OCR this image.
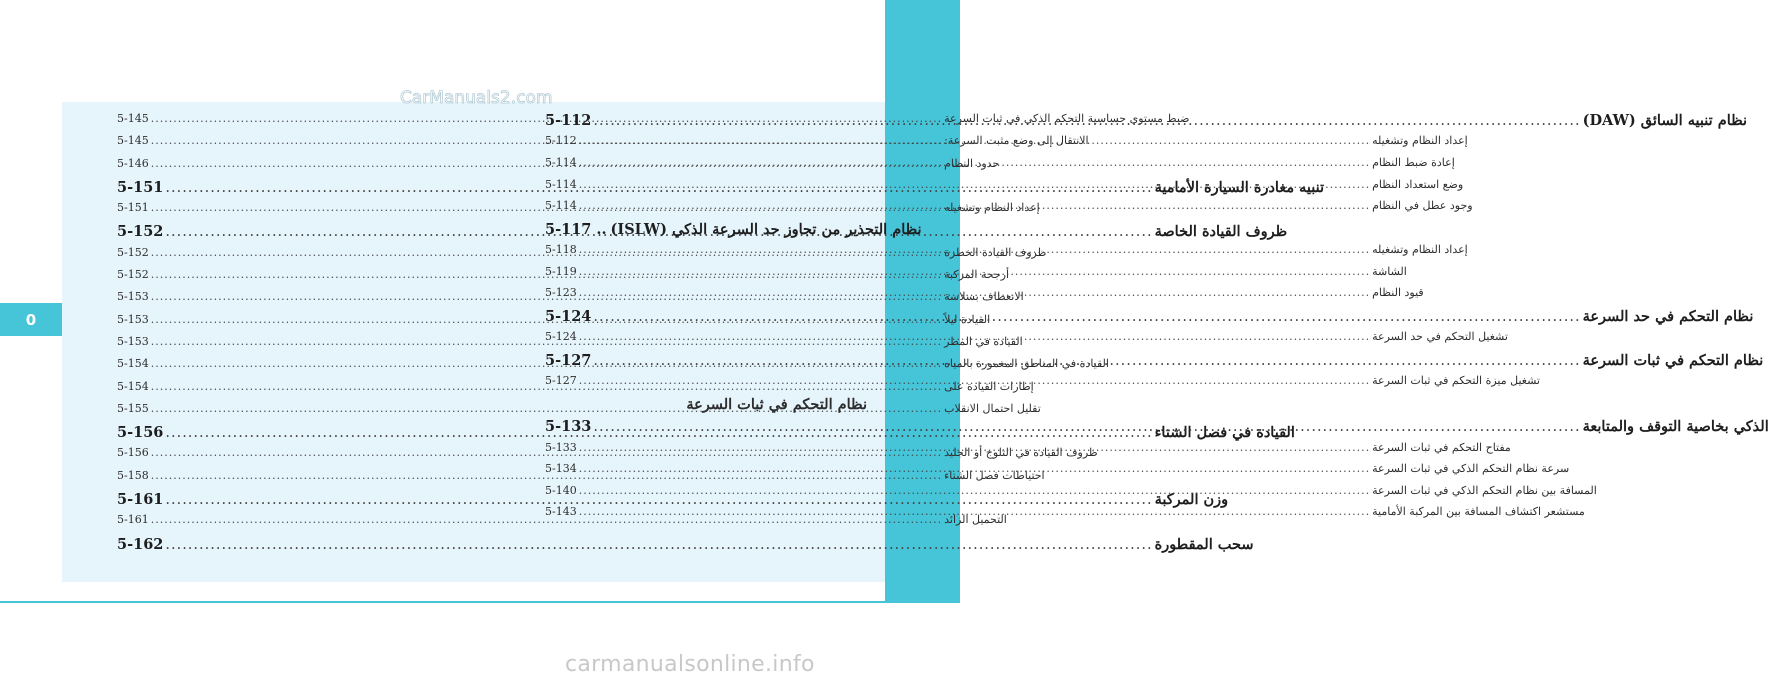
0
CarManuals2.com
5-145 .....	ضبط مستوى حساسية التحكم الذكي في ثبات السرعة
5-145 .....	الانتقال إلى وضع مثبت السرعة:
5-146 .....	حدود النظام
5-151 .....	تنبيه مغادرة السيارة الأمامية
5-151 .....	إعداد النظام وتشغيله
5-152 .....	ظروف القيادة الخاصة
5-152 .....	ظروف القيادة الخطرة
5-152 .....	أرجحة المركبة
5-153 .....	الانعطاف بسلاسة
5-153 .....	القيادة ليلاً
5-153 .....	القيادة في المطر
5-154 .....	القيادة في المناطق المغمورة بالمياه
5-154 .....	إطارات القيادة على
5-155 .....	تقليل احتمال الانقلاب
5-156 .....	القيادة في فصل الشتاء
5-156 .....	ظروف القيادة في الثلوج أو الجليد
5-158 .....	احتياطات فصل الشتاء
5-161 .....	وزن المركبة
5-161 .....	التحميل الزائد
5-162 .....	سحب المقطورة
5-112 .....	نظام تنبيه السائق (DAW)
5-112 .....	إعداد النظام وتشغيله
5-114 .....	إعادة ضبط النظام
5-114 .....	وضع استعداد النظام
5-114 .....	وجود عطل في النظام
5-117 .. نظام التحذير من تجاوز حد السرعة الذكي (ISLW)
5-118 .....	إعداد النظام وتشغيله
5-119 .....	الشاشة
5-123 .....	قيود النظام
5-124 .....	نظام التحكم في حد السرعة
5-124 .....	تشغيل التحكم في حد السرعة
5-127 .....	نظام التحكم في ثبات السرعة
5-127 .....	تشغيل ميزة التحكم في ثبات السرعة
نظام التحكم في ثبات السرعة
5-133 .....	الذكي بخاصية التوقف والمتابعة
5-133 .....	مفتاح التحكم في ثبات السرعة
5-134 .....	سرعة نظام التحكم الذكي في ثبات السرعة
5-140 .....	المسافة بين نظام التحكم الذكي في ثبات السرعة
5-143 .....	مستشعر اكتشاف المسافة بين المركبة الأمامية
carmanualsonline.info
